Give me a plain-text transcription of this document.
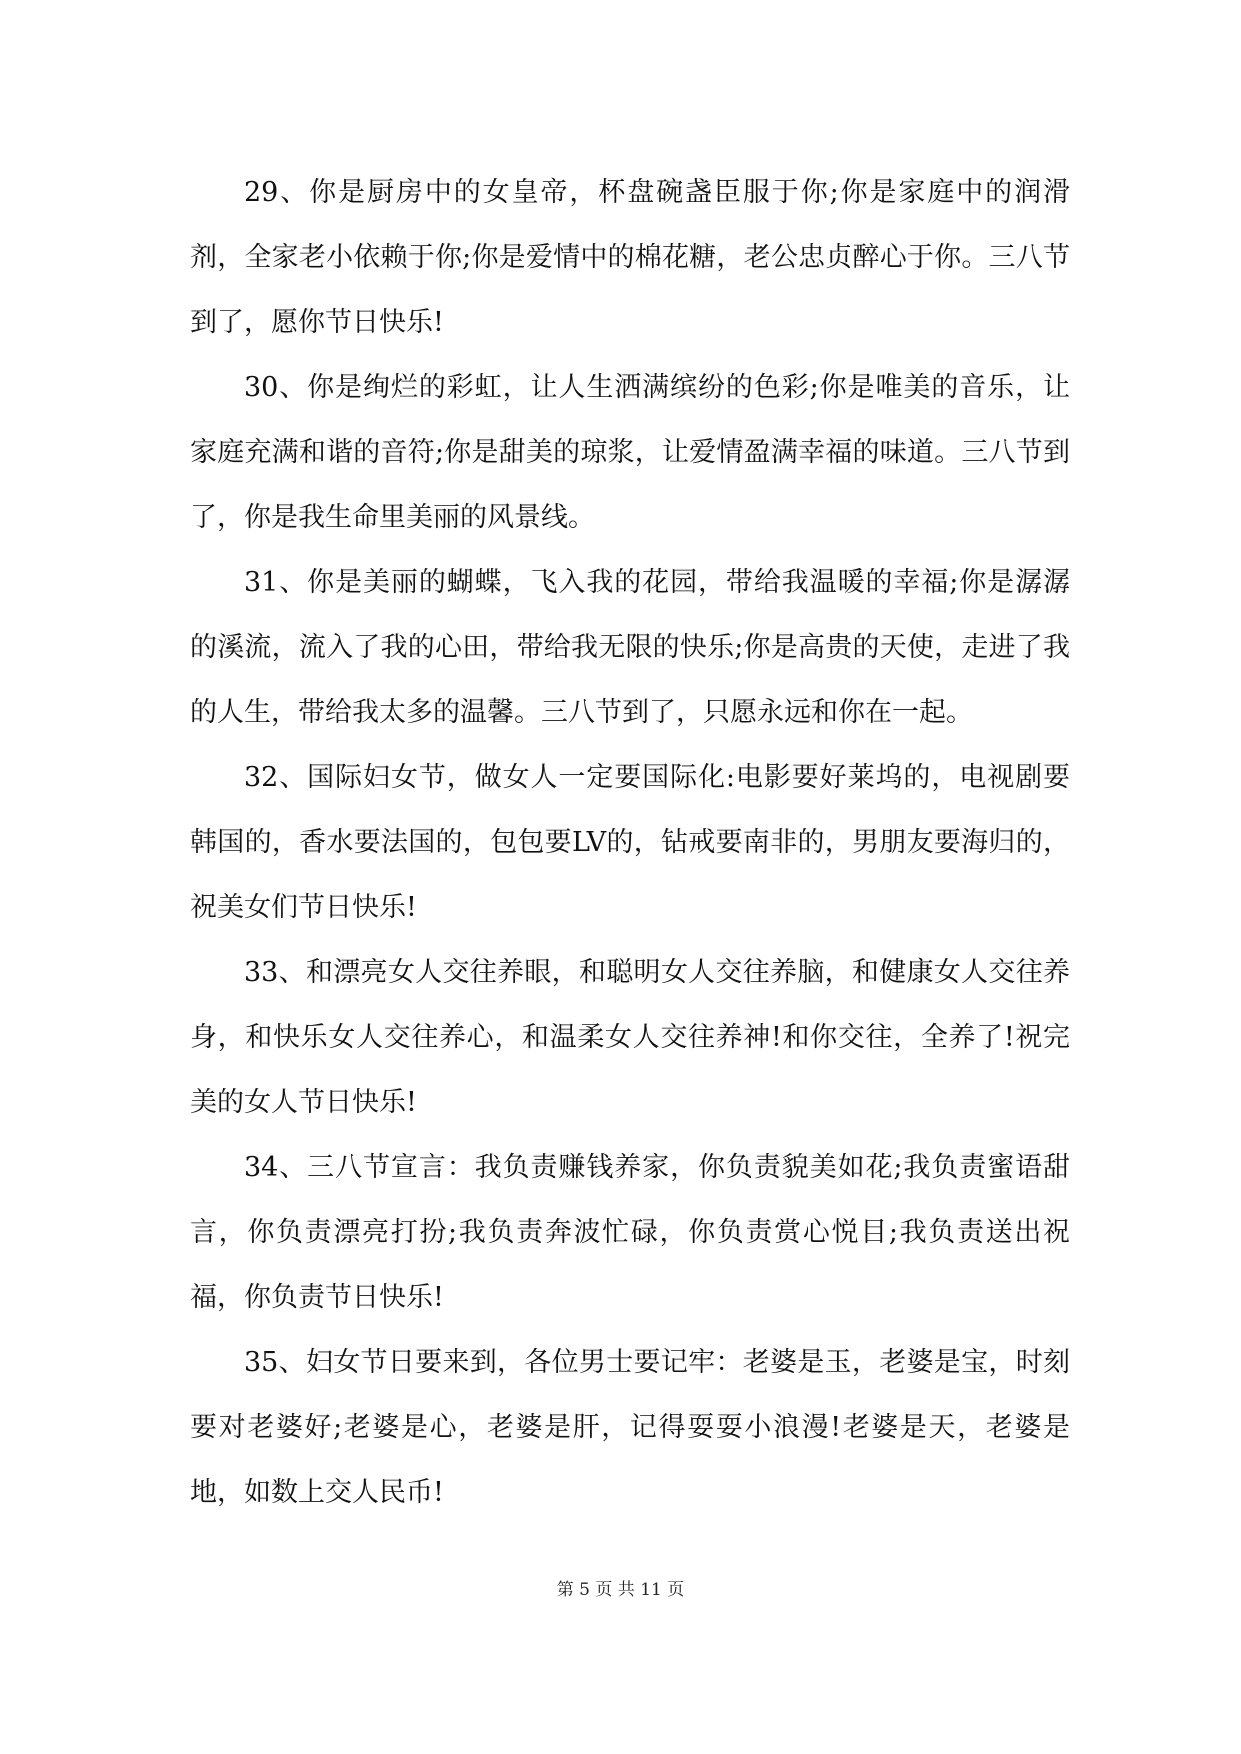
29、你是厨房中的女皇帝，杯盘碗盏臣服于你;你是家庭中的润滑剂，全家老小依赖于你;你是爱情中的棉花糖，老公忠贞醉心于你。三八节到了，愿你节日快乐!

30、你是绚烂的彩虹，让人生洒满缤纷的色彩;你是唯美的音乐，让家庭充满和谐的音符;你是甜美的琼浆，让爱情盈满幸福的味道。三八节到了，你是我生命里美丽的风景线。

31、你是美丽的蝴蝶，飞入我的花园，带给我温暖的幸福;你是潺潺的溪流，流入了我的心田，带给我无限的快乐;你是高贵的天使，走进了我的人生，带给我太多的温馨。三八节到了，只愿永远和你在一起。

32、国际妇女节，做女人一定要国际化:电影要好莱坞的，电视剧要韩国的，香水要法国的，包包要LV的，钻戒要南非的，男朋友要海归的，祝美女们节日快乐!

33、和漂亮女人交往养眼，和聪明女人交往养脑，和健康女人交往养身，和快乐女人交往养心，和温柔女人交往养神!和你交往，全养了!祝完美的女人节日快乐!

34、三八节宣言：我负责赚钱养家，你负责貌美如花;我负责蜜语甜言，你负责漂亮打扮;我负责奔波忙碌，你负责赏心悦目;我负责送出祝福，你负责节日快乐!

35、妇女节日要来到，各位男士要记牢：老婆是玉，老婆是宝，时刻要对老婆好;老婆是心，老婆是肝，记得耍耍小浪漫!老婆是天，老婆是地，如数上交人民币!

第 5 页 共 11 页
